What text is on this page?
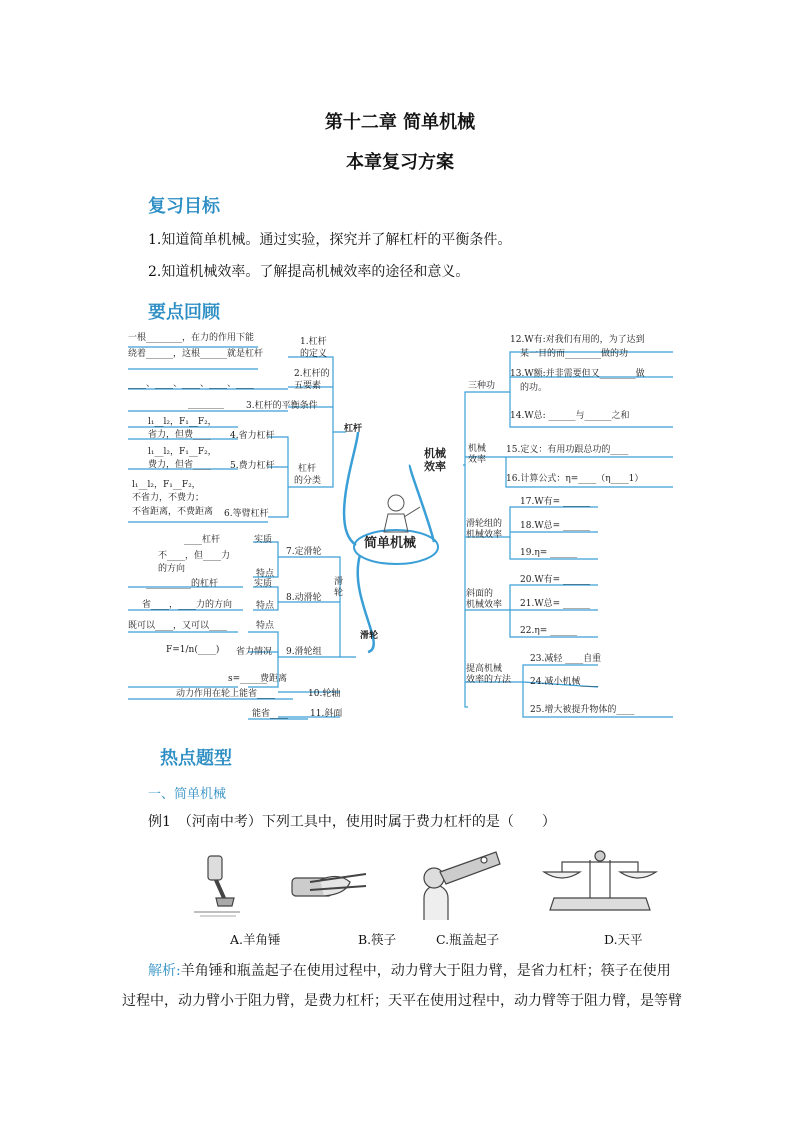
第十二章 简单机械
本章复习方案
复习目标
1.知道简单机械。通过实验，探究并了解杠杆的平衡条件。
2.知道机械效率。了解提高机械效率的途径和意义。
要点回顾
简单机械
杠杆
滑轮
机械
效率
一根________，在力的作用下能
绕着______，这根______就是杠杆
1.杠杆
的定义
____、____、____、____、____
2.杠杆的
五要素
________ 3.杠杆的平衡条件
l₁__l₂，F₁__F₂，
省力，但费____ 4.省力杠杆
l₁__l₂，F₁__F₂，
费力，但省____ 5.费力杠杆	杠杆
的分类
l₁__l₂，F₁__F₂，
不省力，不费力；
不省距离，不费距离 6.等臂杠杆
____杠杆	实质
不____，但____力
的方向	特点
7.定滑轮
__________的杠杆	实质
省____，____力的方向	特点
8.动滑轮
既可以____，又可以____	特点
F=1/n(____) 省力情况
s=______
费距离
9.滑轮组
动力作用在轮上能省____	10.轮轴
能省____ 11.斜面
滑
轮
三种功
12.W有:对我们有用的，为了达到
某一目的而________做的功
13.W额:并非需要但又________做
的功。
14.W总: ______与______之和
机械
效率
15.定义：有用功跟总功的____
16.计算公式：η=____（η____1）
滑轮组的
机械效率
17.W有= ______
18.W总= ______
19.η= ______
斜面的
机械效率
20.W有= ______
21.W总= ______
22.η= ______
提高机械
效率的方法
23.减轻 ____自重
24.减小机械____
25.增大被提升物体的____
热点题型
一、简单机械
例1　（河南中考）下列工具中，使用时属于费力杠杆的是（　　）
A.羊角锤	B.筷子	C.瓶盖起子	D.天平
解析:羊角锤和瓶盖起子在使用过程中，动力臂大于阻力臂，是省力杠杆；筷子在使用
过程中，动力臂小于阻力臂，是费力杠杆；天平在使用过程中，动力臂等于阻力臂，是等臂
